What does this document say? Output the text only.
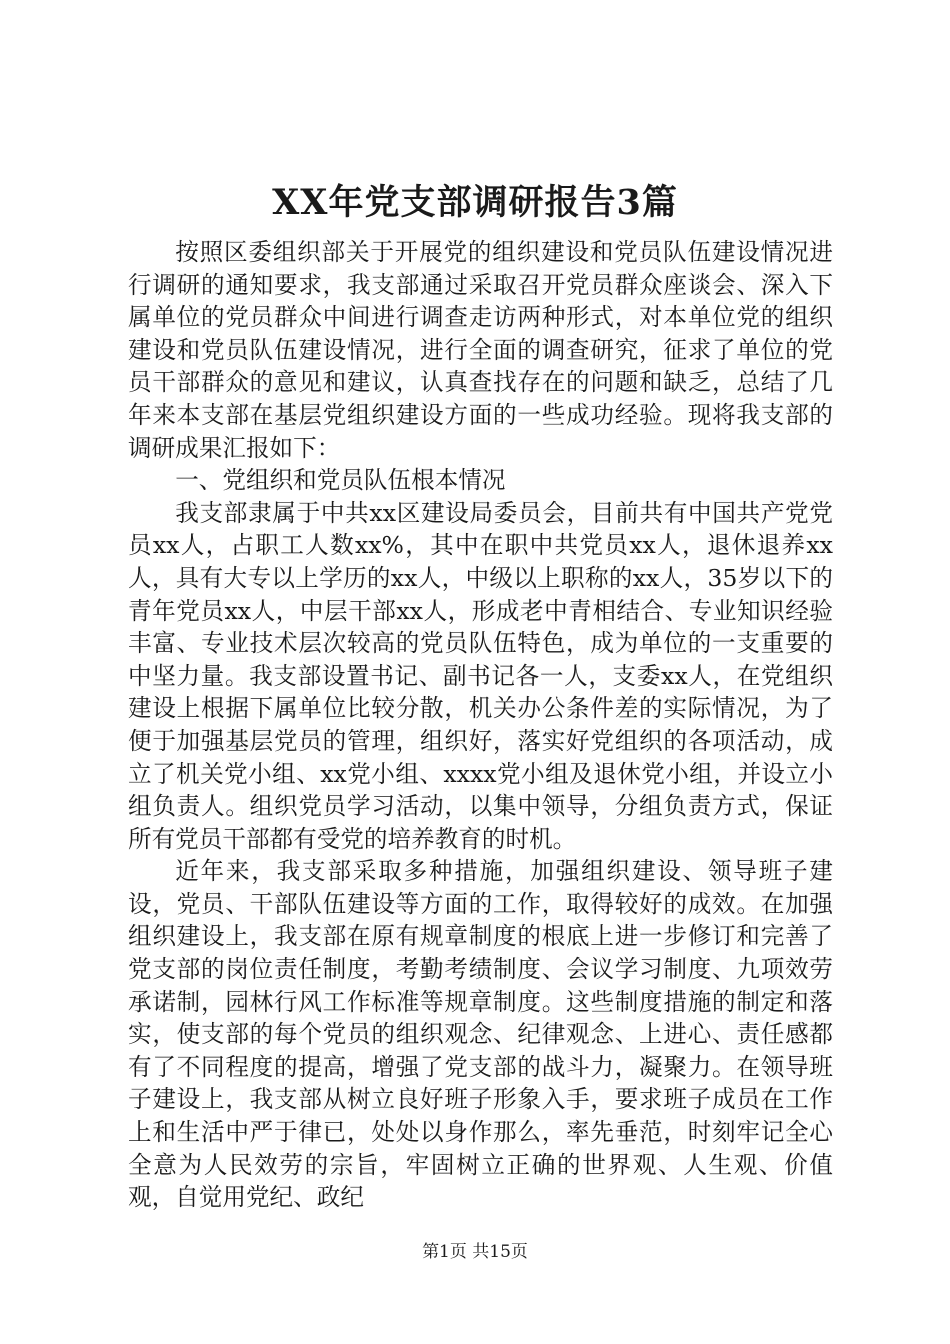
XX年党支部调研报告3篇

按照区委组织部关于开展党的组织建设和党员队伍建设情况进行调研的通知要求，我支部通过采取召开党员群众座谈会、深入下属单位的党员群众中间进行调查走访两种形式，对本单位党的组织建设和党员队伍建设情况，进行全面的调查研究，征求了单位的党员干部群众的意见和建议，认真查找存在的问题和缺乏，总结了几年来本支部在基层党组织建设方面的一些成功经验。现将我支部的调研成果汇报如下：

一、党组织和党员队伍根本情况

我支部隶属于中共xx区建设局委员会，目前共有中国共产党党员xx人，占职工人数xx%，其中在职中共党员xx人，退休退养xx人，具有大专以上学历的xx人，中级以上职称的xx人，35岁以下的青年党员xx人，中层干部xx人，形成老中青相结合、专业知识经验丰富、专业技术层次较高的党员队伍特色，成为单位的一支重要的中坚力量。我支部设置书记、副书记各一人，支委xx人，在党组织建设上根据下属单位比较分散，机关办公条件差的实际情况，为了便于加强基层党员的管理，组织好，落实好党组织的各项活动，成立了机关党小组、xx党小组、xxxx党小组及退休党小组，并设立小组负责人。组织党员学习活动，以集中领导，分组负责方式，保证所有党员干部都有受党的培养教育的时机。

近年来，我支部采取多种措施，加强组织建设、领导班子建设，党员、干部队伍建设等方面的工作，取得较好的成效。在加强组织建设上，我支部在原有规章制度的根底上进一步修订和完善了党支部的岗位责任制度，考勤考绩制度、会议学习制度、九项效劳承诺制，园林行风工作标准等规章制度。这些制度措施的制定和落实，使支部的每个党员的组织观念、纪律观念、上进心、责任感都有了不同程度的提高，增强了党支部的战斗力，凝聚力。在领导班子建设上，我支部从树立良好班子形象入手，要求班子成员在工作上和生活中严于律已，处处以身作那么，率先垂范，时刻牢记全心全意为人民效劳的宗旨，牢固树立正确的世界观、人生观、价值观，自觉用党纪、政纪

第1页 共15页
